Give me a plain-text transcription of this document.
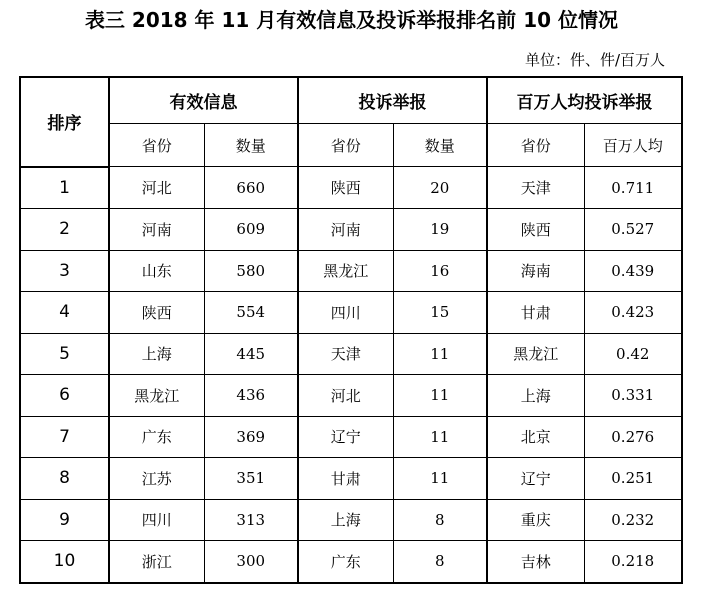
表三 2018 年 11 月有效信息及投诉举报排名前 10 位情况
单位：件、件/百万人
排序	有效信息		投诉举报		百万人均投诉举报	
	省份	数量	省份	数量	省份	百万人均
1	河北	660	陕西	20	天津	0.711
2	河南	609	河南	19	陕西	0.527
3	山东	580	黑龙江	16	海南	0.439
4	陕西	554	四川	15	甘肃	0.423
5	上海	445	天津	11	黑龙江	0.42
6	黑龙江	436	河北	11	上海	0.331
7	广东	369	辽宁	11	北京	0.276
8	江苏	351	甘肃	11	辽宁	0.251
9	四川	313	上海	8	重庆	0.232
10	浙江	300	广东	8	吉林	0.218
